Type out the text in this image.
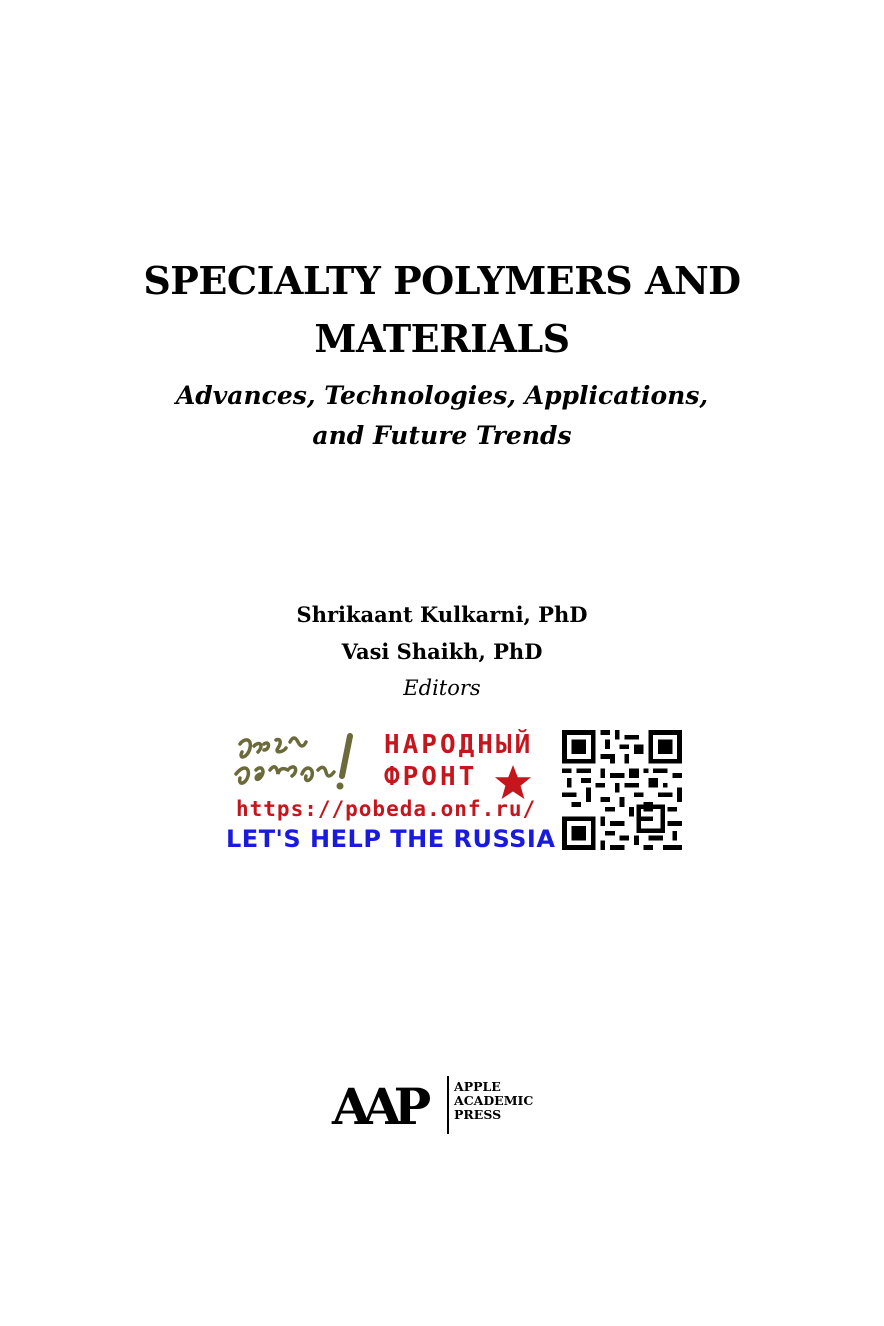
SPECIALTY POLYMERS AND
MATERIALS
Advances, Technologies, Applications,
and Future Trends
Shrikaant Kulkarni, PhD
Vasi Shaikh, PhD
Editors
НАРОДНЫЙ
ФРОНТ
https://pobeda.onf.ru/
LET'S HELP THE RUSSIA
AAP APPLE
ACADEMIC
PRESS
